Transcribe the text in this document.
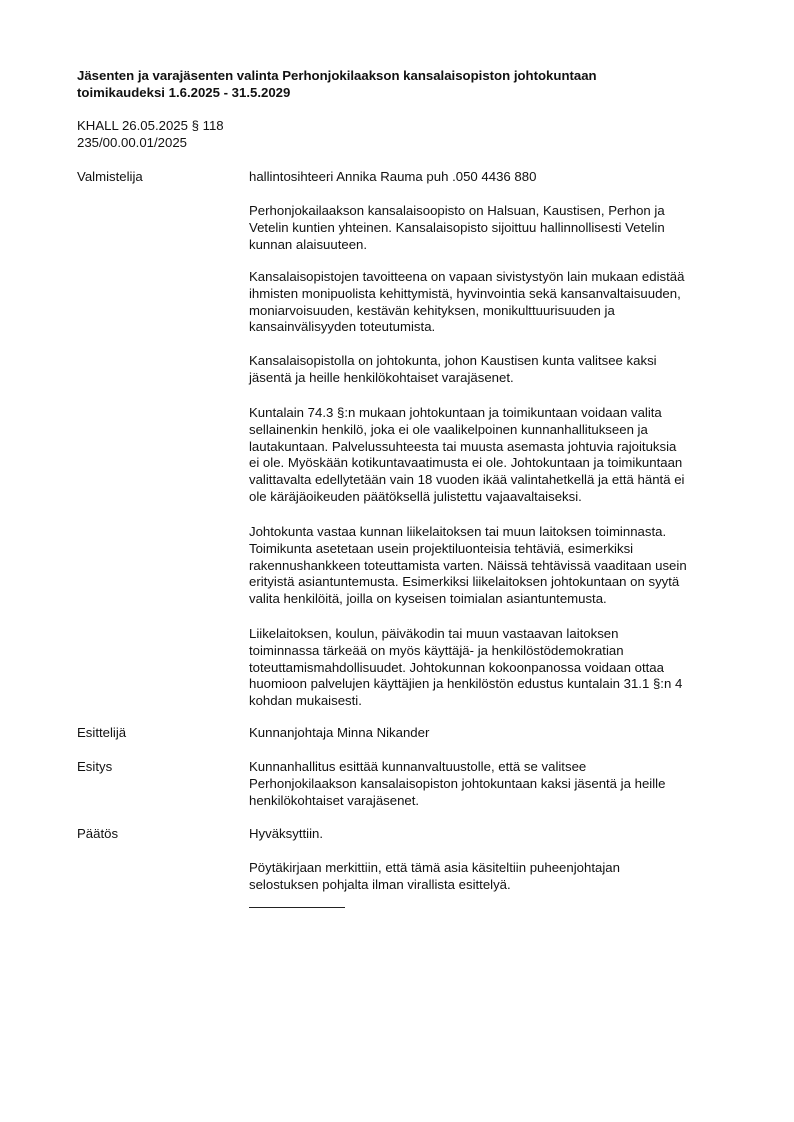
Jäsenten ja varajäsenten valinta Perhonjokilaakson kansalaisopiston johtokuntaan
toimikaudeksi 1.6.2025 - 31.5.2029
KHALL 26.05.2025 § 118
235/00.00.01/2025
Valmistelija	hallintosihteeri Annika Rauma puh .050 4436 880
Perhonjokailaakson kansalaisoopisto on Halsuan, Kaustisen, Perhon ja
Vetelin kuntien yhteinen. Kansalaisopisto sijoittuu hallinnollisesti Vetelin
kunnan alaisuuteen.
Kansalaisopistojen tavoitteena on vapaan sivistystyön lain mukaan edistää
ihmisten monipuolista kehittymistä, hyvinvointia sekä kansanvaltaisuuden,
moniarvoisuuden, kestävän kehityksen, monikulttuurisuuden ja
kansainvälisyyden toteutumista.
Kansalaisopistolla on johtokunta, johon Kaustisen kunta valitsee kaksi
jäsentä ja heille henkilökohtaiset varajäsenet.
Kuntalain 74.3 §:n mukaan johtokuntaan ja toimikuntaan voidaan valita
sellainenkin henkilö, joka ei ole vaalikelpoinen kunnanhallitukseen ja
lautakuntaan. Palvelussuhteesta tai muusta asemasta johtuvia rajoituksia
ei ole. Myöskään kotikuntavaatimusta ei ole. Johtokuntaan ja toimikuntaan
valittavalta edellytetään vain 18 vuoden ikää valintahetkellä ja että häntä ei
ole käräjäoikeuden päätöksellä julistettu vajaavaltaiseksi.
Johtokunta vastaa kunnan liikelaitoksen tai muun laitoksen toiminnasta.
Toimikunta asetetaan usein projektiluonteisia tehtäviä, esimerkiksi
rakennushankkeen toteuttamista varten. Näissä tehtävissä vaaditaan usein
erityistä asiantuntemusta. Esimerkiksi liikelaitoksen johtokuntaan on syytä
valita henkilöitä, joilla on kyseisen toimialan asiantuntemusta.
Liikelaitoksen, koulun, päiväkodin tai muun vastaavan laitoksen
toiminnassa tärkeää on myös käyttäjä- ja henkilöstödemokratian
toteuttamismahdollisuudet. Johtokunnan kokoonpanossa voidaan ottaa
huomioon palvelujen käyttäjien ja henkilöstön edustus kuntalain 31.1 §:n 4
kohdan mukaisesti.
Esittelijä	Kunnanjohtaja Minna Nikander
Esitys	Kunnanhallitus esittää kunnanvaltuustolle, että se valitsee
Perhonjokilaakson kansalaisopiston johtokuntaan kaksi jäsentä ja heille
henkilökohtaiset varajäsenet.
Päätös	Hyväksyttiin.
Pöytäkirjaan merkittiin, että tämä asia käsiteltiin puheenjohtajan
selostuksen pohjalta ilman virallista esittelyä.
